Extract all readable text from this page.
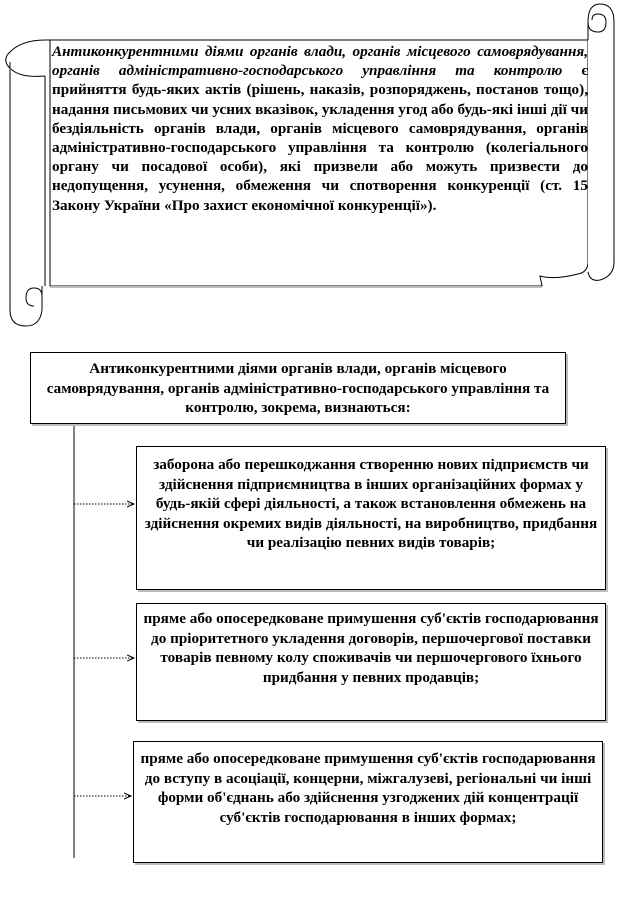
Антиконкурентними діями органів влади, органів місцевого самоврядування, органів адміністративно-господарського управління та контролю є прийняття будь-яких актів (рішень, наказів, розпоряджень, постанов тощо), надання письмових чи усних вказівок, укладення угод або будь-які інші дії чи бездіяльність органів влади, органів місцевого самоврядування, органів адміністративно-господарського управління та контролю (колегіального органу чи посадової особи), які призвели або можуть призвести до недопущення, усунення, обмеження чи спотворення конкуренції (ст. 15 Закону України «Про захист економічної конкуренції»).

Антиконкурентними діями органів влади, органів місцевого самоврядування, органів адміністративно-господарського управління та контролю, зокрема, визнаються:
заборона або перешкоджання створенню нових підприємств чи здійснення підприємництва в інших організаційних формах у будь-якій сфері діяльності, а також встановлення обмежень на здійснення окремих видів діяльності, на виробництво, придбання чи реалізацію певних видів товарів;
пряме або опосередковане примушення суб'єктів господарювання до пріоритетного укладення договорів, першочергової поставки товарів певному колу споживачів чи першочергового їхнього придбання у певних продавців;
пряме або опосередковане примушення суб'єктів господарювання до вступу в асоціації, концерни, міжгалузеві, регіональні чи інші форми об'єднань або здійснення узгоджених дій концентрації суб'єктів господарювання в інших формах;
